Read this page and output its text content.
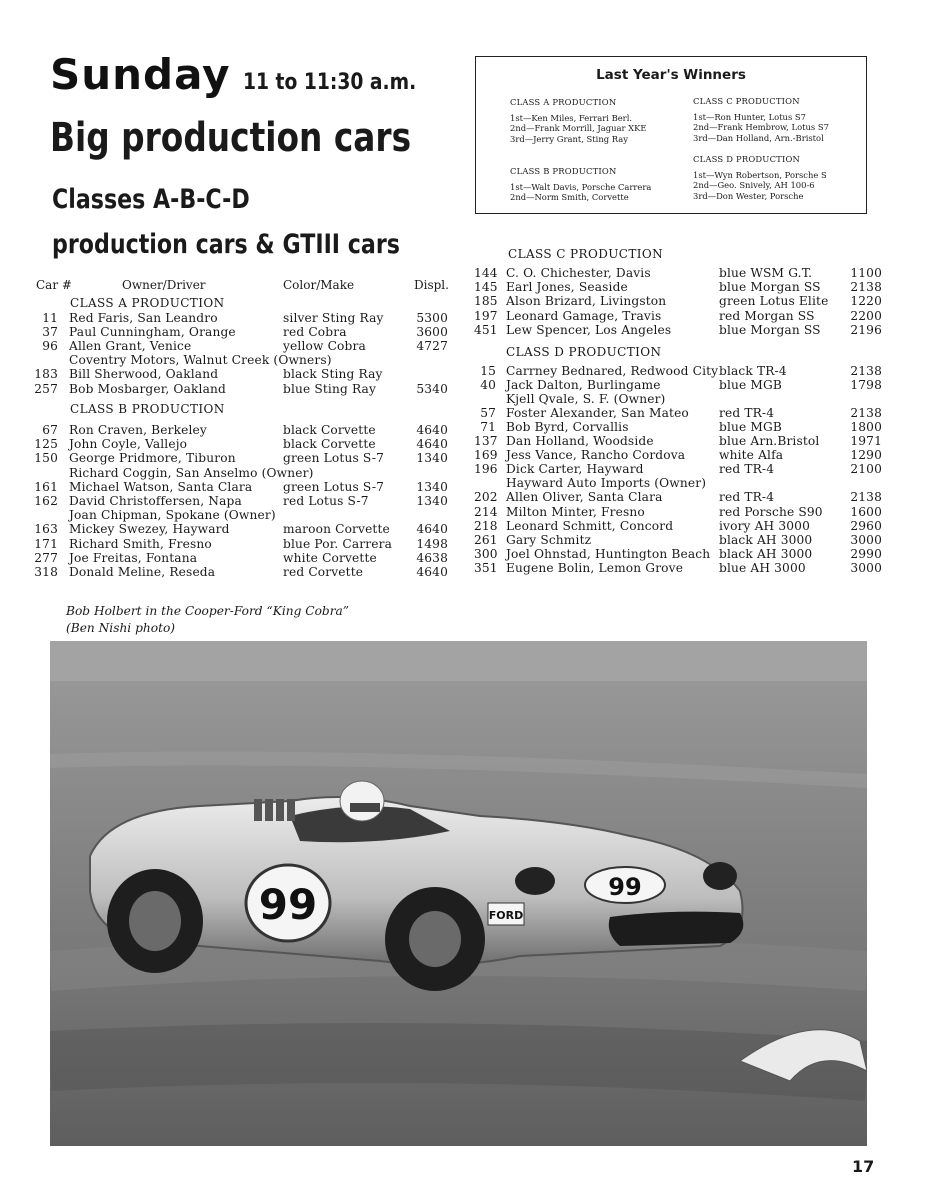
Sunday 11 to 11:30 a.m.
Big production cars
Classes A-B-C-D
production cars & GTIII cars
Last Year's Winners
CLASS A PRODUCTION
1st—Ken Miles, Ferrari Berl.
2nd—Frank Morrill, Jaguar XKE
3rd—Jerry Grant, Sting Ray
CLASS B PRODUCTION
1st—Walt Davis, Porsche Carrera
2nd—Norm Smith, Corvette
CLASS C PRODUCTION
1st—Ron Hunter, Lotus S7
2nd—Frank Hembrow, Lotus S7
3rd—Dan Holland, Arn.-Bristol
CLASS D PRODUCTION
1st—Wyn Robertson, Porsche S
2nd—Geo. Snively, AH 100-6
3rd—Don Wester, Porsche
Car #	Owner/Driver	Color/Make	Displ.
CLASS A PRODUCTION
CLASS B PRODUCTION
CLASS C PRODUCTION
CLASS D PRODUCTION
11 Red Faris, San Leandro	silver Sting Ray	5300
37 Paul Cunningham, Orange	red Cobra	3600
96 Allen Grant, Venice	yellow Cobra	4727
Coventry Motors, Walnut Creek (Owners)
183 Bill Sherwood, Oakland	black Sting Ray
257 Bob Mosbarger, Oakland	blue Sting Ray	5340
67 Ron Craven, Berkeley	black Corvette	4640
125 John Coyle, Vallejo	black Corvette	4640
150 George Pridmore, Tiburon	green Lotus S-7	1340
Richard Coggin, San Anselmo (Owner)
161 Michael Watson, Santa Clara	green Lotus S-7	1340
162 David Christoffersen, Napa	red Lotus S-7	1340
Joan Chipman, Spokane (Owner)
163 Mickey Swezey, Hayward	maroon Corvette	4640
171 Richard Smith, Fresno	blue Por. Carrera	1498
277 Joe Freitas, Fontana	white Corvette	4638
318 Donald Meline, Reseda	red Corvette	4640
144 C. O. Chichester, Davis	blue WSM G.T.	1100
145 Earl Jones, Seaside	blue Morgan SS	2138
185 Alson Brizard, Livingston	green Lotus Elite	1220
197 Leonard Gamage, Travis	red Morgan SS	2200
451 Lew Spencer, Los Angeles	blue Morgan SS	2196
15 Carrney Bednared, Redwood City black TR-4	2138
40 Jack Dalton, Burlingame	blue MGB	1798
Kjell Qvale, S. F. (Owner)
57 Foster Alexander, San Mateo red TR-4	2138
71 Bob Byrd, Corvallis	blue MGB	1800
137 Dan Holland, Woodside	blue Arn.Bristol	1971
169 Jess Vance, Rancho Cordova	white Alfa	1290
196 Dick Carter, Hayward	red TR-4	2100
Hayward Auto Imports (Owner)
202 Allen Oliver, Santa Clara	red TR-4	2138
214 Milton Minter, Fresno	red Porsche S90	1600
218 Leonard Schmitt, Concord	ivory AH 3000	2960
261 Gary Schmitz	black AH 3000	3000
300 Joel Ohnstad, Huntington Beach black AH 3000	2990
351 Eugene Bolin, Lemon Grove	blue AH 3000	3000
Bob Holbert in the Cooper-Ford “King Cobra”
(Ben Nishi photo)
99	99
FORD
17
